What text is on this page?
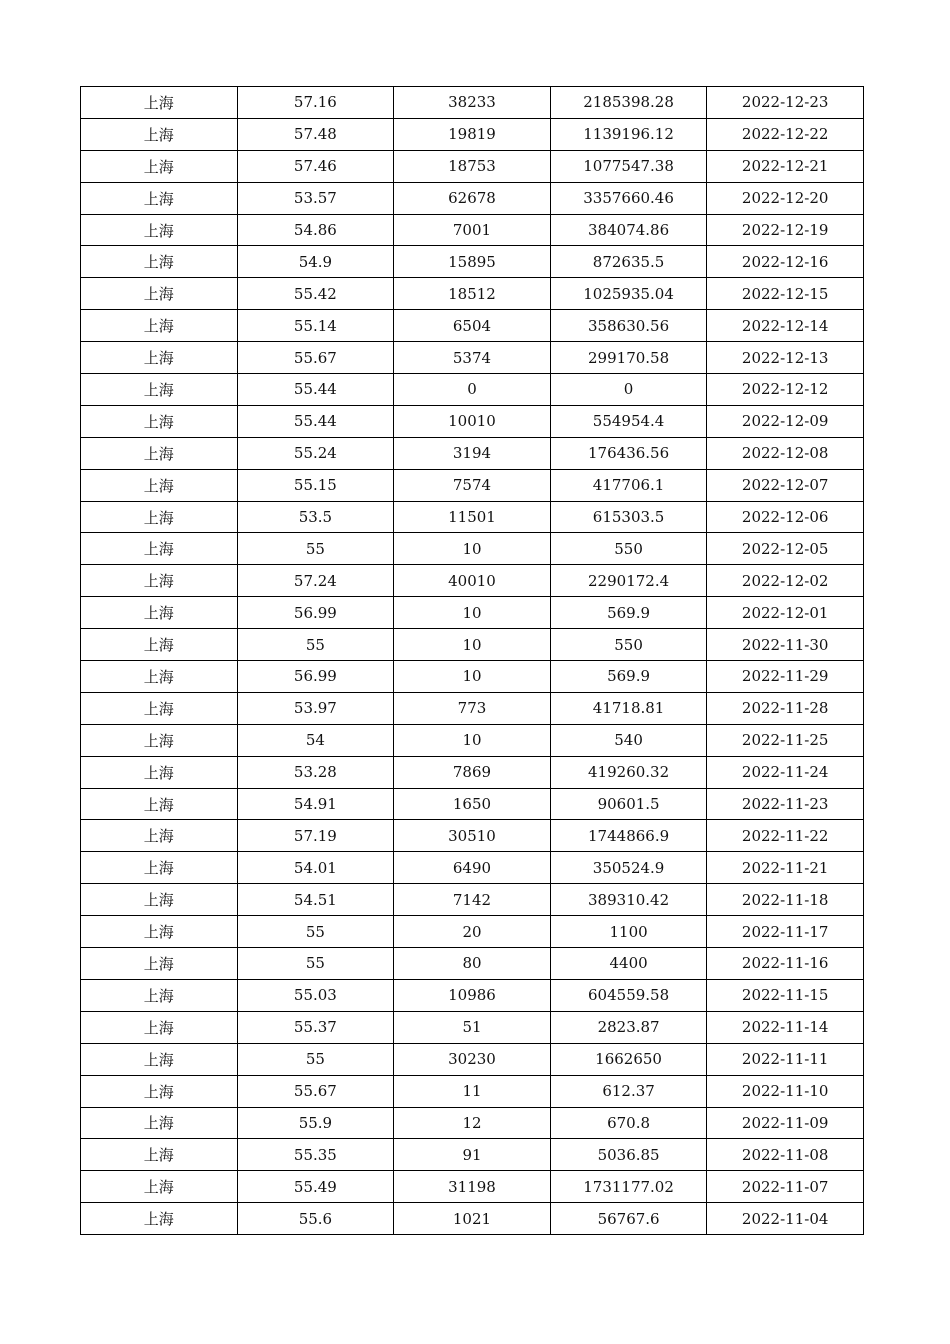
上海	57.16	38233	2185398.28	2022-12-23
上海	57.48	19819	1139196.12	2022-12-22
上海	57.46	18753	1077547.38	2022-12-21
上海	53.57	62678	3357660.46	2022-12-20
上海	54.86	7001	384074.86	2022-12-19
上海	54.9	15895	872635.5	2022-12-16
上海	55.42	18512	1025935.04	2022-12-15
上海	55.14	6504	358630.56	2022-12-14
上海	55.67	5374	299170.58	2022-12-13
上海	55.44	0	0	2022-12-12
上海	55.44	10010	554954.4	2022-12-09
上海	55.24	3194	176436.56	2022-12-08
上海	55.15	7574	417706.1	2022-12-07
上海	53.5	11501	615303.5	2022-12-06
上海	55	10	550	2022-12-05
上海	57.24	40010	2290172.4	2022-12-02
上海	56.99	10	569.9	2022-12-01
上海	55	10	550	2022-11-30
上海	56.99	10	569.9	2022-11-29
上海	53.97	773	41718.81	2022-11-28
上海	54	10	540	2022-11-25
上海	53.28	7869	419260.32	2022-11-24
上海	54.91	1650	90601.5	2022-11-23
上海	57.19	30510	1744866.9	2022-11-22
上海	54.01	6490	350524.9	2022-11-21
上海	54.51	7142	389310.42	2022-11-18
上海	55	20	1100	2022-11-17
上海	55	80	4400	2022-11-16
上海	55.03	10986	604559.58	2022-11-15
上海	55.37	51	2823.87	2022-11-14
上海	55	30230	1662650	2022-11-11
上海	55.67	11	612.37	2022-11-10
上海	55.9	12	670.8	2022-11-09
上海	55.35	91	5036.85	2022-11-08
上海	55.49	31198	1731177.02	2022-11-07
上海	55.6	1021	56767.6	2022-11-04
